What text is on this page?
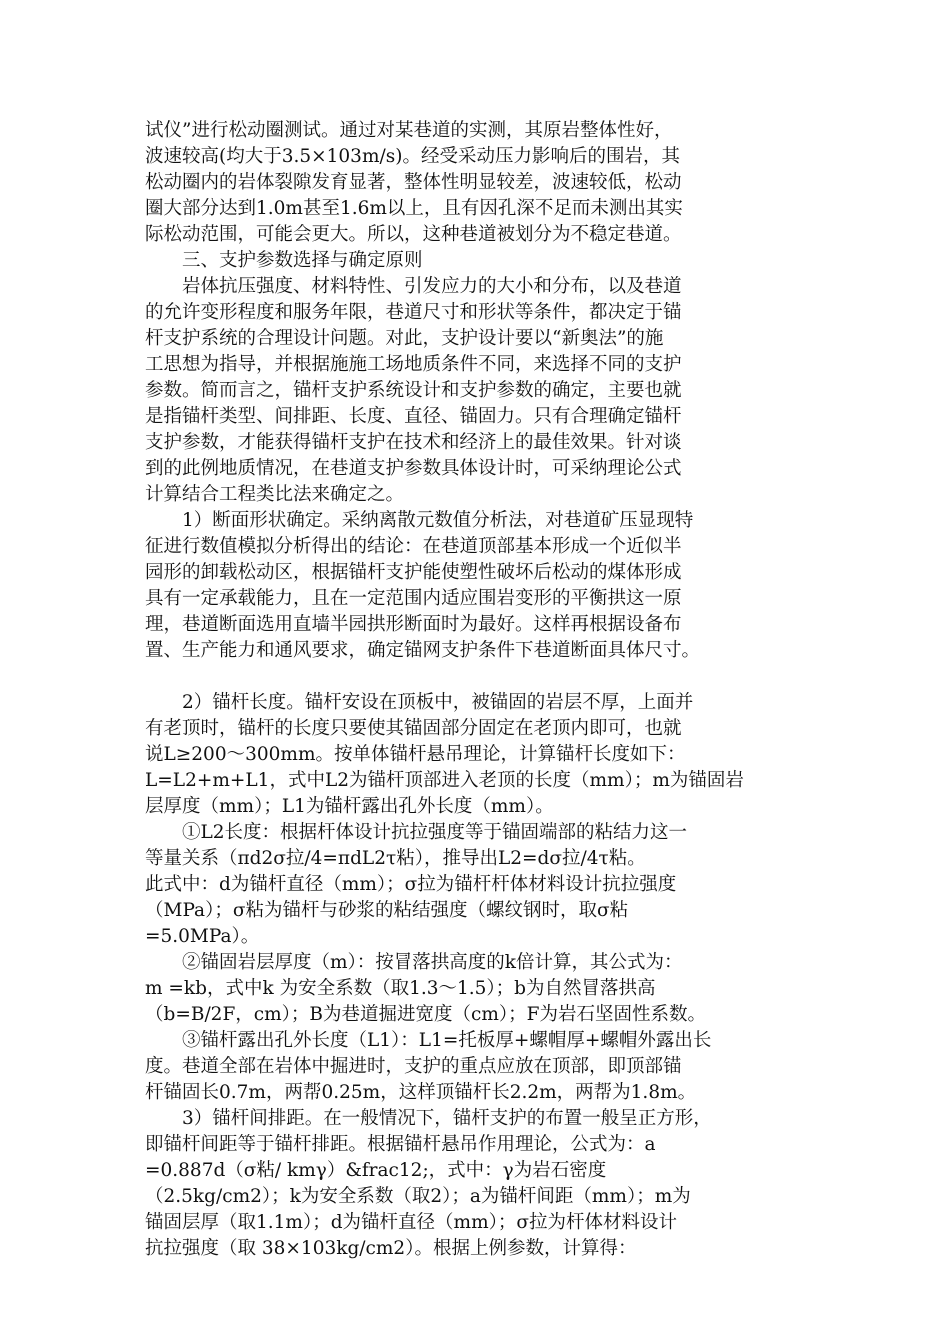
试仪”进行松动圈测试。通过对某巷道的实测，其原岩整体性好，
波速较高(均大于3.5×103m/s)。经受采动压力影响后的围岩，其
松动圈内的岩体裂隙发育显著，整体性明显较差，波速较低，松动
圈大部分达到1.0m甚至1.6m以上，且有因孔深不足而未测出其实
际松动范围，可能会更大。所以，这种巷道被划分为不稳定巷道。
　　三、支护参数选择与确定原则
　　岩体抗压强度、材料特性、引发应力的大小和分布，以及巷道
的允许变形程度和服务年限，巷道尺寸和形状等条件，都决定于锚
杆支护系统的合理设计问题。对此，支护设计要以“新奥法”的施
工思想为指导，并根据施施工场地质条件不同，来选择不同的支护
参数。简而言之，锚杆支护系统设计和支护参数的确定，主要也就
是指锚杆类型、间排距、长度、直径、锚固力。只有合理确定锚杆
支护参数，才能获得锚杆支护在技术和经济上的最佳效果。针对谈
到的此例地质情况，在巷道支护参数具体设计时，可采纳理论公式
计算结合工程类比法来确定之。
　　1）断面形状确定。采纳离散元数值分析法，对巷道矿压显现特
征进行数值模拟分析得出的结论：在巷道顶部基本形成一个近似半
园形的卸载松动区，根据锚杆支护能使塑性破坏后松动的煤体形成
具有一定承载能力，且在一定范围内适应围岩变形的平衡拱这一原
理，巷道断面选用直墙半园拱形断面时为最好。这样再根据设备布
置、生产能力和通风要求，确定锚网支护条件下巷道断面具体尺寸。
　　2）锚杆长度。锚杆安设在顶板中，被锚固的岩层不厚，上面并
有老顶时，锚杆的长度只要使其锚固部分固定在老顶内即可，也就
说L≥200～300mm。按单体锚杆悬吊理论，计算锚杆长度如下：
L=L2+m+L1，式中L2为锚杆顶部进入老顶的长度（mm）；m为锚固岩
层厚度（mm）；L1为锚杆露出孔外长度（mm）。
　　①L2长度：根据杆体设计抗拉强度等于锚固端部的粘结力这一
等量关系（πd2σ拉/4=πdL2τ粘），推导出L2=dσ拉/4τ粘。
此式中：d为锚杆直径（mm）；σ拉为锚杆杆体材料设计抗拉强度
（MPa）；σ粘为锚杆与砂浆的粘结强度（螺纹钢时，取σ粘
=5.0MPa）。
　　②锚固岩层厚度（m）：按冒落拱高度的k倍计算，其公式为：
m =kb，式中k 为安全系数（取1.3～1.5）；b为自然冒落拱高
（b=B/2F，cm）；B为巷道掘进宽度（cm）；F为岩石坚固性系数。
　　③锚杆露出孔外长度（L1）：L1=托板厚+螺帽厚+螺帽外露出长
度。巷道全部在岩体中掘进时，支护的重点应放在顶部，即顶部锚
杆锚固长0.7m，两帮0.25m，这样顶锚杆长2.2m，两帮为1.8m。
　　3）锚杆间排距。在一般情况下，锚杆支护的布置一般呈正方形，
即锚杆间距等于锚杆排距。根据锚杆悬吊作用理论，公式为：a
=0.887d（σ粘/ kmγ）&frac12;，式中：γ为岩石密度
（2.5kg/cm2）；k为安全系数（取2）；a为锚杆间距（mm）；m为
锚固层厚（取1.1m）；d为锚杆直径（mm）；σ拉为杆体材料设计
抗拉强度（取 38×103kg/cm2）。根据上例参数，计算得：
